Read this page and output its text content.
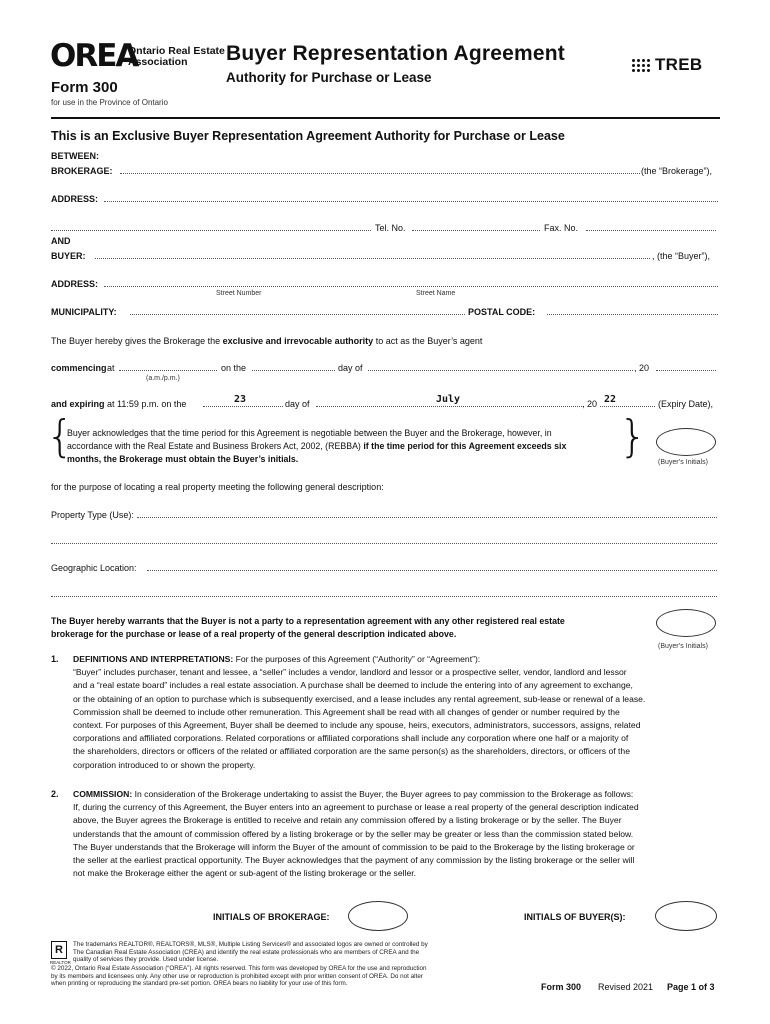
OREA
Ontario Real Estate
Association
Form 300
for use in the Province of Ontario
Buyer Representation Agreement
Authority for Purchase or Lease
TREB
This is an Exclusive Buyer Representation Agreement Authority for Purchase or Lease
BETWEEN:
BROKERAGE:	(the “Brokerage”),
ADDRESS:
Tel. No.	Fax. No.
AND
BUYER:	, (the “Buyer”),
ADDRESS:
Street Number	Street Name
MUNICIPALITY:	POSTAL CODE:
The Buyer hereby gives the Brokerage the exclusive and irrevocable authority to act as the Buyer’s agent
commencing at
(a.m./p.m.)
on the	day of	, 20
and expiring at 11:59 p.m. on the	23	day of	July	, 20 22	(Expiry Date),
{
Buyer acknowledges that the time period for this Agreement is negotiable between the Buyer and the Brokerage, however, in
accordance with the Real Estate and Business Brokers Act, 2002, (REBBA) if the time period for this Agreement exceeds six
months, the Brokerage must obtain the Buyer’s initials.	}
(Buyer’s Initials)
for the purpose of locating a real property meeting the following general description:
Property Type (Use):
Geographic Location:
The Buyer hereby warrants that the Buyer is not a party to a representation agreement with any other registered real estate
brokerage for the purchase or lease of a real property of the general description indicated above.
(Buyer’s Initials)
1. DEFINITIONS AND INTERPRETATIONS: For the purposes of this Agreement (“Authority” or “Agreement”):
“Buyer” includes purchaser, tenant and lessee, a “seller” includes a vendor, landlord and lessor or a prospective seller, vendor, landlord and lessor
and a “real estate board” includes a real estate association. A purchase shall be deemed to include the entering into of any agreement to exchange,
or the obtaining of an option to purchase which is subsequently exercised, and a lease includes any rental agreement, sub-lease or renewal of a lease.
Commission shall be deemed to include other remuneration. This Agreement shall be read with all changes of gender or number required by the
context. For purposes of this Agreement, Buyer shall be deemed to include any spouse, heirs, executors, administrators, successors, assigns, related
corporations and affiliated corporations. Related corporations or affiliated corporations shall include any corporation where one half or a majority of
the shareholders, directors or officers of the related or affiliated corporation are the same person(s) as the shareholders, directors, or officers of the
corporation introduced to or shown the property.
2. COMMISSION: In consideration of the Brokerage undertaking to assist the Buyer, the Buyer agrees to pay commission to the Brokerage as follows:
If, during the currency of this Agreement, the Buyer enters into an agreement to purchase or lease a real property of the general description indicated
above, the Buyer agrees the Brokerage is entitled to receive and retain any commission offered by a listing brokerage or by the seller. The Buyer
understands that the amount of commission offered by a listing brokerage or by the seller may be greater or less than the commission stated below.
The Buyer understands that the Brokerage will inform the Buyer of the amount of commission to be paid to the Brokerage by the listing brokerage or
the seller at the earliest practical opportunity. The Buyer acknowledges that the payment of any commission by the listing brokerage or the seller will
not make the Brokerage either the agent or sub-agent of the listing brokerage or the seller.
INITIALS OF BROKERAGE:	INITIALS OF BUYER(S):
R
REALTOR
The trademarks REALTOR®, REALTORS®, MLS®, Multiple Listing Services® and associated logos are owned or controlled by
The Canadian Real Estate Association (CREA) and identify the real estate professionals who are members of CREA and the
quality of services they provide. Used under license.
© 2022, Ontario Real Estate Association (“OREA”). All rights reserved. This form was developed by OREA for the use and reproduction
by its members and licensees only. Any other use or reproduction is prohibited except with prior written consent of OREA. Do not alter
when printing or reproducing the standard pre-set portion. OREA bears no liability for your use of this form.	Form 300 Revised 2021 Page 1 of 3
